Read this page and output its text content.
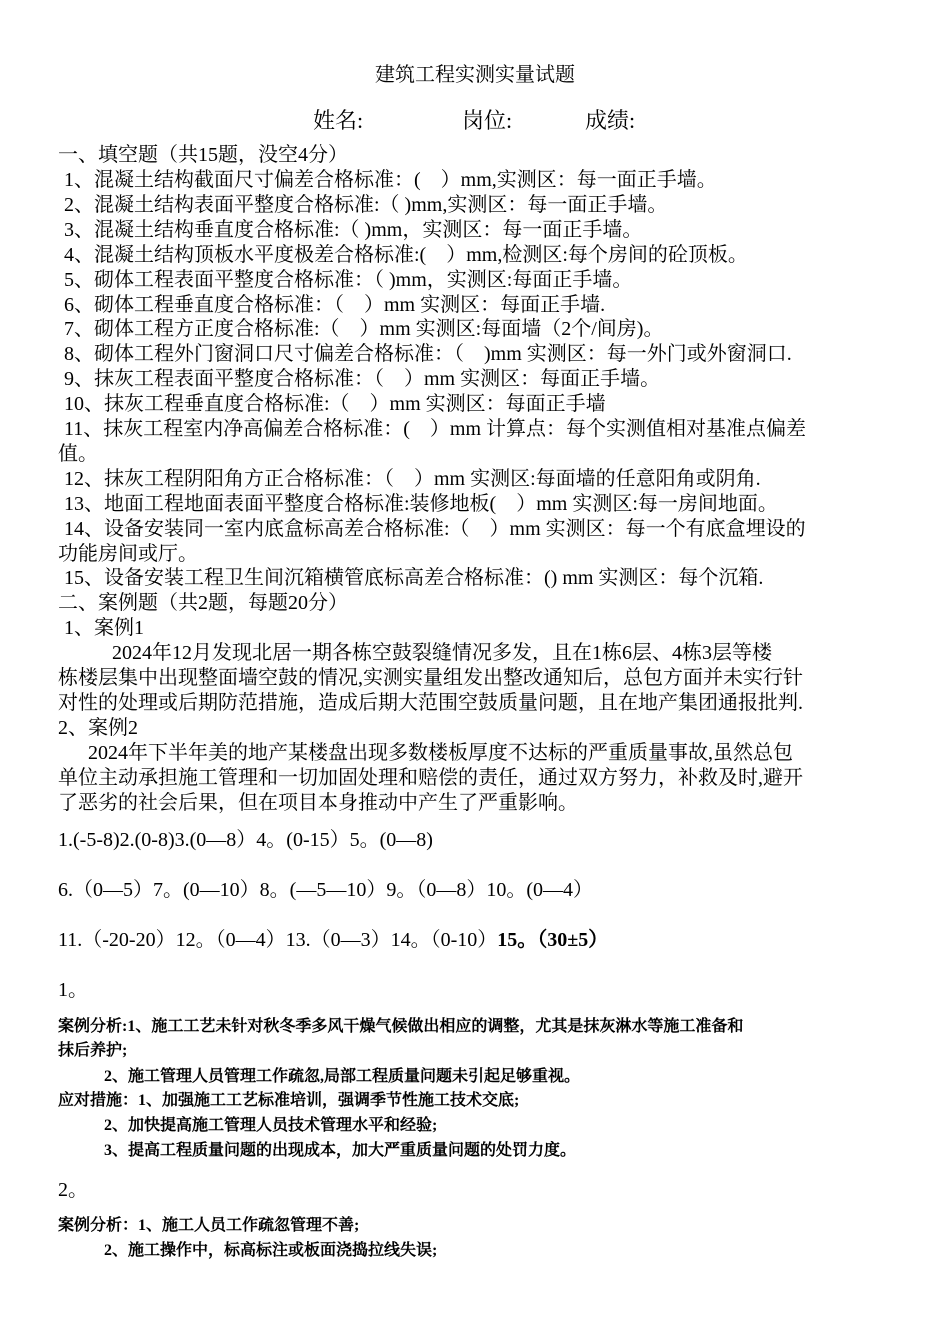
建筑工程实测实量试题
姓名:	岗位:	成绩:
一、填空题（共15题，没空4分）
1、混凝土结构截面尺寸偏差合格标准：(　）mm,实测区：每一面正手墙。
2、混凝土结构表面平整度合格标准:（ )mm,实测区：每一面正手墙。
3、混凝土结构垂直度合格标准:（ )mm，实测区：每一面正手墙。
4、混凝土结构顶板水平度极差合格标准:(　）mm,检测区:每个房间的砼顶板。
5、砌体工程表面平整度合格标准：（ )mm，实测区:每面正手墙。
6、砌体工程垂直度合格标准：（　）mm 实测区：每面正手墙.
7、砌体工程方正度合格标准:（　）mm 实测区:每面墙（2个/间房)。
8、砌体工程外门窗洞口尺寸偏差合格标准：（　)mm 实测区：每一外门或外窗洞口.
9、抹灰工程表面平整度合格标准：（　）mm 实测区：每面正手墙。
10、抹灰工程垂直度合格标准:（　）mm 实测区：每面正手墙
11、抹灰工程室内净高偏差合格标准：(　）mm 计算点：每个实测值相对基准点偏差
值。
12、抹灰工程阴阳角方正合格标准：（　）mm 实测区:每面墙的任意阳角或阴角.
13、地面工程地面表面平整度合格标准:装修地板(　）mm 实测区:每一房间地面。
14、设备安装同一室内底盒标高差合格标准:（　）mm 实测区：每一个有底盒埋设的
功能房间或厅。
15、设备安装工程卫生间沉箱横管底标高差合格标准：() mm 实测区：每个沉箱.
二、案例题（共2题，每题20分）
1、案例1
2024年12月发现北居一期各栋空鼓裂缝情况多发，且在1栋6层、4栋3层等楼
栋楼层集中出现整面墙空鼓的情况,实测实量组发出整改通知后，总包方面并未实行针
对性的处理或后期防范措施，造成后期大范围空鼓质量问题，且在地产集团通报批判.
2、案例2
2024年下半年美的地产某楼盘出现多数楼板厚度不达标的严重质量事故,虽然总包
单位主动承担施工管理和一切加固处理和赔偿的责任，通过双方努力，补救及时,避开
了恶劣的社会后果，但在项目本身推动中产生了严重影响。
1.(-5-8)2.(0-8)3.(0—8）4。(0-15）5。(0—8)
6.（0—5）7。(0—10）8。(—5—10）9。（0—8）10。(0—4）
11.（-20-20）12。（0—4）13.（0—3）14。（0-10）15。（30±5）
1。
案例分析:1、施工工艺未针对秋冬季多风干燥气候做出相应的调整，尤其是抹灰淋水等施工准备和
抹后养护;
2、施工管理人员管理工作疏忽,局部工程质量问题未引起足够重视。
应对措施：1、加强施工工艺标准培训，强调季节性施工技术交底;
2、加快提高施工管理人员技术管理水平和经验;
3、提高工程质量问题的出现成本，加大严重质量问题的处罚力度。
2。
案例分析：1、施工人员工作疏忽管理不善;
2、施工操作中，标高标注或板面浇捣拉线失误;
